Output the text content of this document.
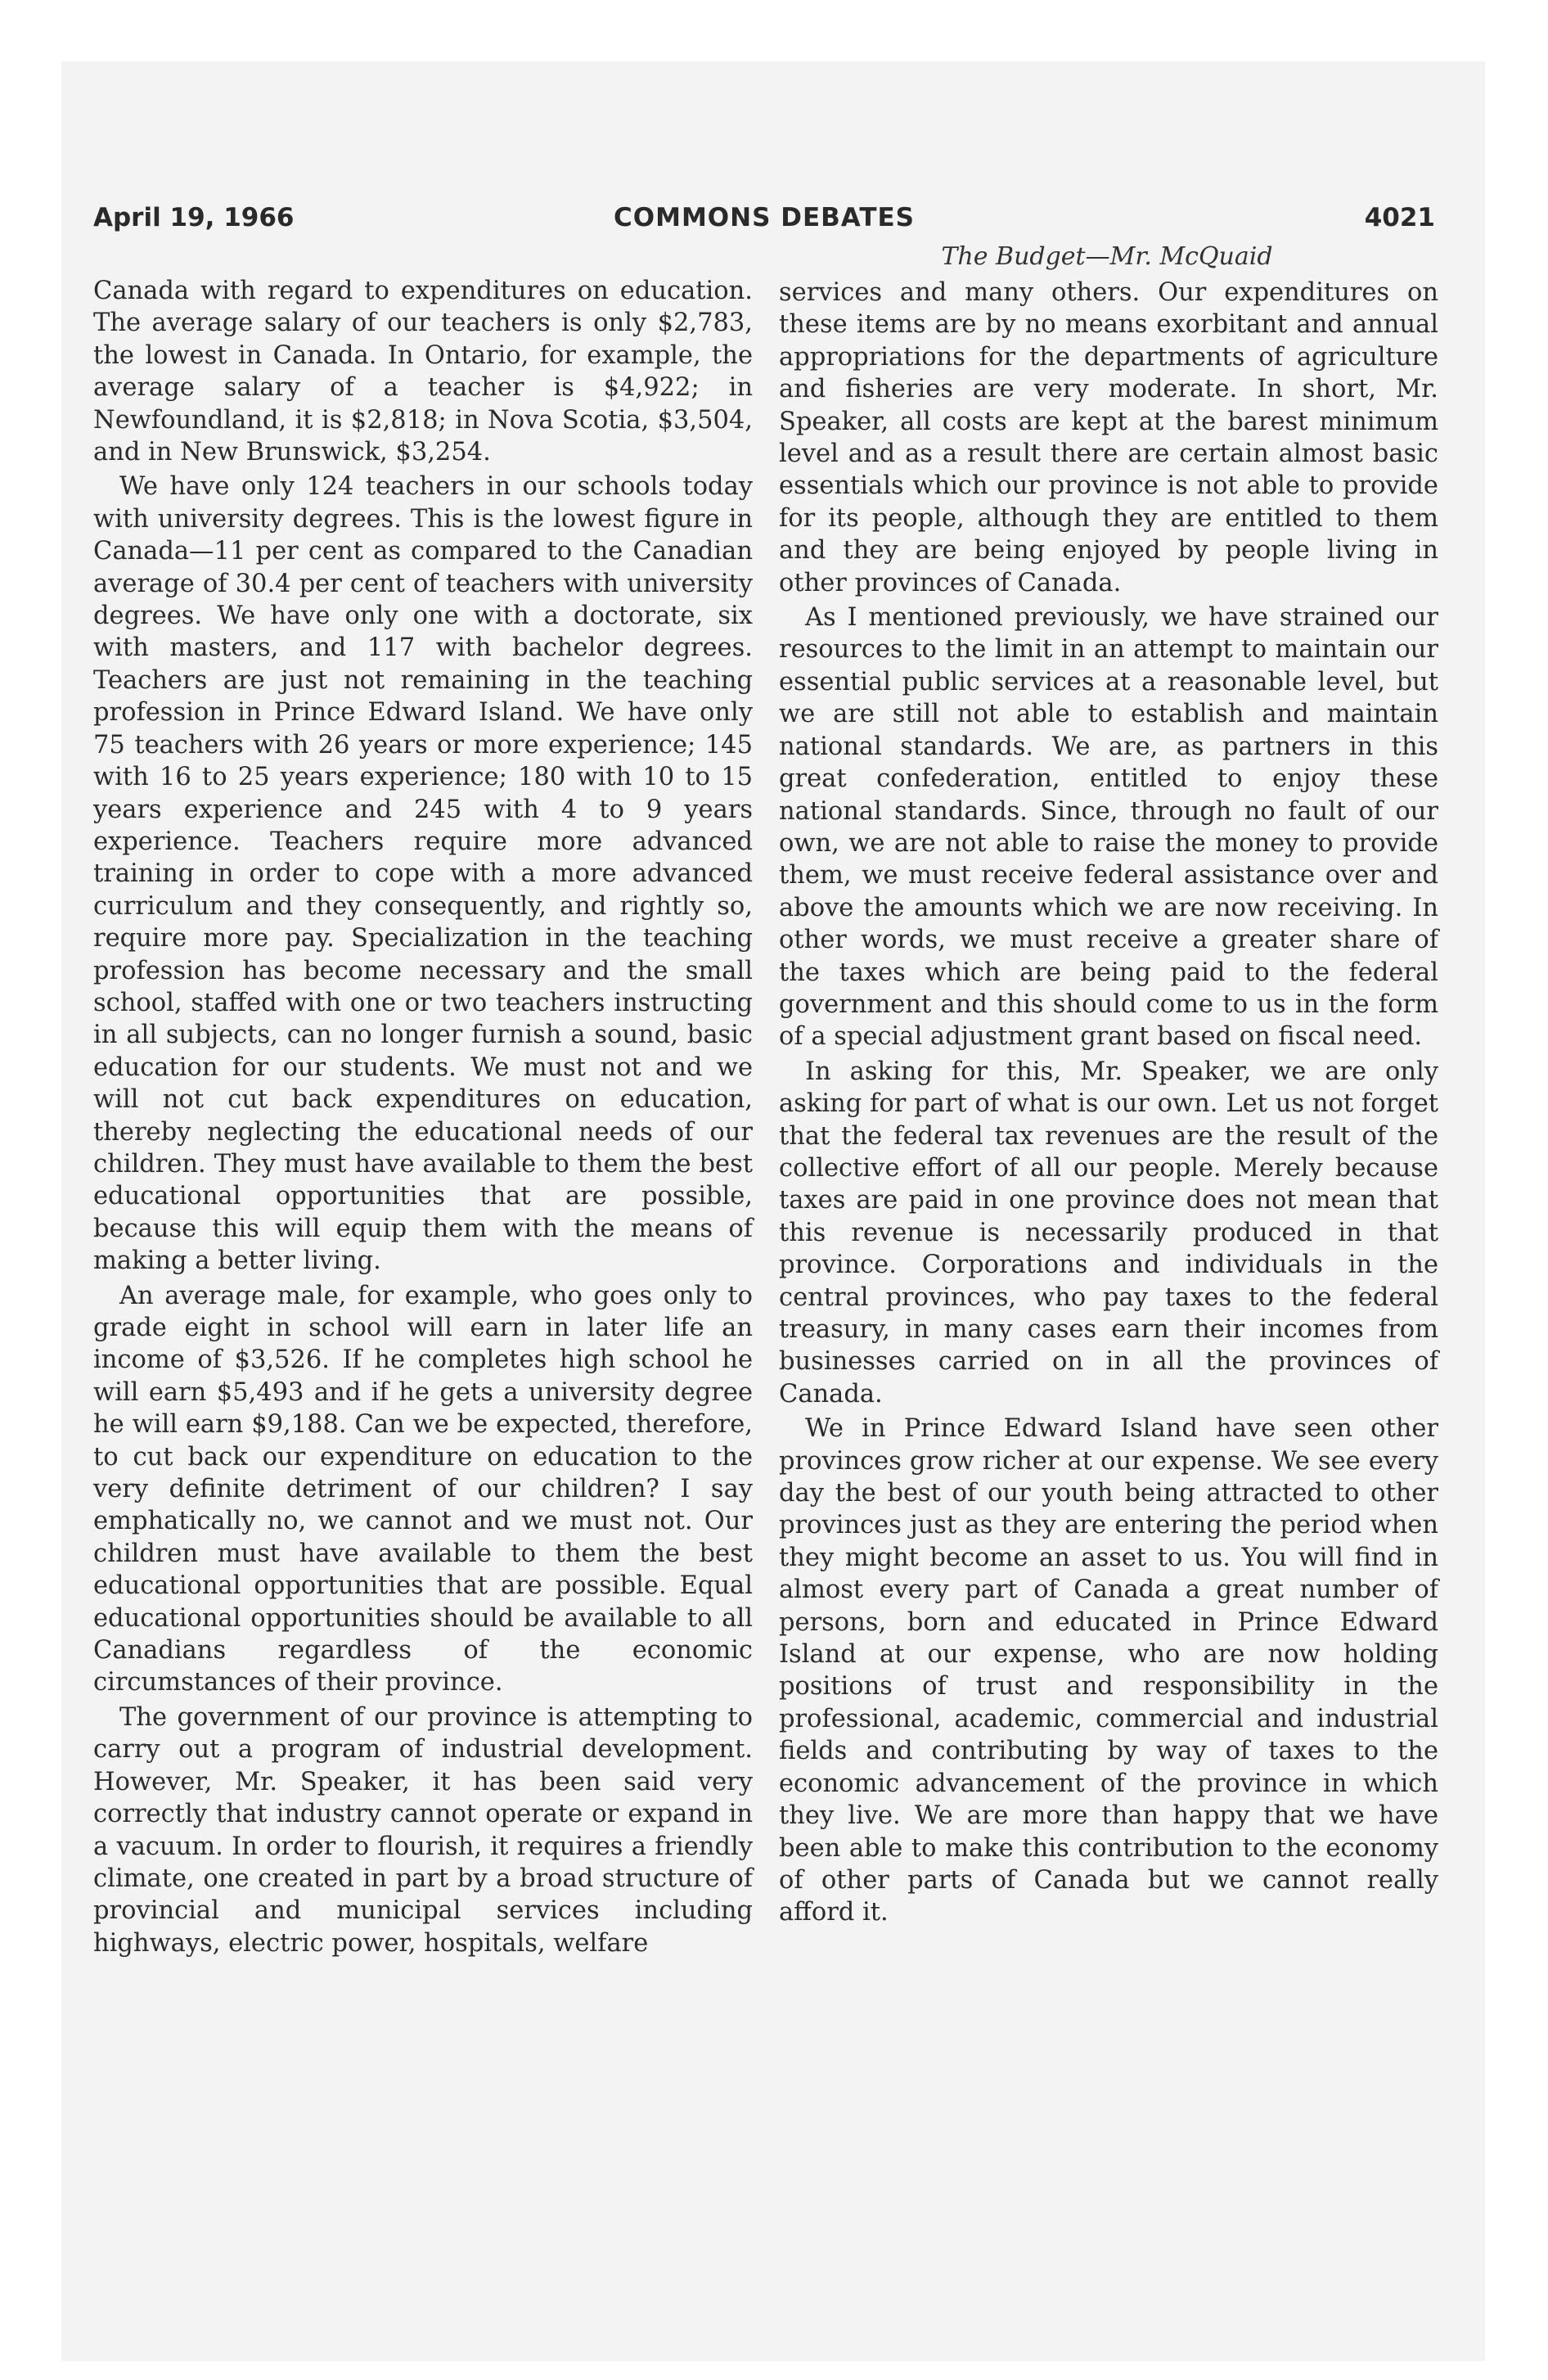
April 19, 1966	COMMONS DEBATES	4021
The Budget—Mr. McQuaid

Canada with regard to expenditures on education. The average salary of our teachers is only $2,783, the lowest in Canada. In Ontario, for example, the average salary of a teacher is $4,922; in Newfoundland, it is $2,818; in Nova Scotia, $3,504, and in New Brunswick, $3,254.

We have only 124 teachers in our schools today with university degrees. This is the lowest figure in Canada—11 per cent as compared to the Canadian average of 30.4 per cent of teachers with university degrees. We have only one with a doctorate, six with masters, and 117 with bachelor degrees. Teachers are just not remaining in the teaching profession in Prince Edward Island. We have only 75 teachers with 26 years or more experience; 145 with 16 to 25 years experience; 180 with 10 to 15 years experience and 245 with 4 to 9 years experience. Teachers require more advanced training in order to cope with a more advanced curriculum and they consequently, and rightly so, require more pay. Specialization in the teaching profession has become necessary and the small school, staffed with one or two teachers instructing in all subjects, can no longer furnish a sound, basic education for our students. We must not and we will not cut back expenditures on education, thereby neglecting the educational needs of our children. They must have available to them the best educational opportunities that are possible, because this will equip them with the means of making a better living.

An average male, for example, who goes only to grade eight in school will earn in later life an income of $3,526. If he completes high school he will earn $5,493 and if he gets a university degree he will earn $9,188. Can we be expected, therefore, to cut back our expenditure on education to the very definite detriment of our children? I say emphatically no, we cannot and we must not. Our children must have available to them the best educational opportunities that are possible. Equal educational opportunities should be available to all Canadians regardless of the economic circumstances of their province.

The government of our province is attempting to carry out a program of industrial development. However, Mr. Speaker, it has been said very correctly that industry cannot operate or expand in a vacuum. In order to flourish, it requires a friendly climate, one created in part by a broad structure of provincial and municipal services including highways, electric power, hospitals, welfare

services and many others. Our expenditures on these items are by no means exorbitant and annual appropriations for the departments of agriculture and fisheries are very moderate. In short, Mr. Speaker, all costs are kept at the barest minimum level and as a result there are certain almost basic essentials which our province is not able to provide for its people, although they are entitled to them and they are being enjoyed by people living in other provinces of Canada.

As I mentioned previously, we have strained our resources to the limit in an attempt to maintain our essential public services at a reasonable level, but we are still not able to establish and maintain national standards. We are, as partners in this great confederation, entitled to enjoy these national standards. Since, through no fault of our own, we are not able to raise the money to provide them, we must receive federal assistance over and above the amounts which we are now receiving. In other words, we must receive a greater share of the taxes which are being paid to the federal government and this should come to us in the form of a special adjustment grant based on fiscal need.

In asking for this, Mr. Speaker, we are only asking for part of what is our own. Let us not forget that the federal tax revenues are the result of the collective effort of all our people. Merely because taxes are paid in one province does not mean that this revenue is necessarily produced in that province. Corporations and individuals in the central provinces, who pay taxes to the federal treasury, in many cases earn their incomes from businesses carried on in all the provinces of Canada.

We in Prince Edward Island have seen other provinces grow richer at our expense. We see every day the best of our youth being attracted to other provinces just as they are entering the period when they might become an asset to us. You will find in almost every part of Canada a great number of persons, born and educated in Prince Edward Island at our expense, who are now holding positions of trust and responsibility in the professional, academic, commercial and industrial fields and contributing by way of taxes to the economic advancement of the province in which they live. We are more than happy that we have been able to make this contribution to the economy of other parts of Canada but we cannot really afford it.
